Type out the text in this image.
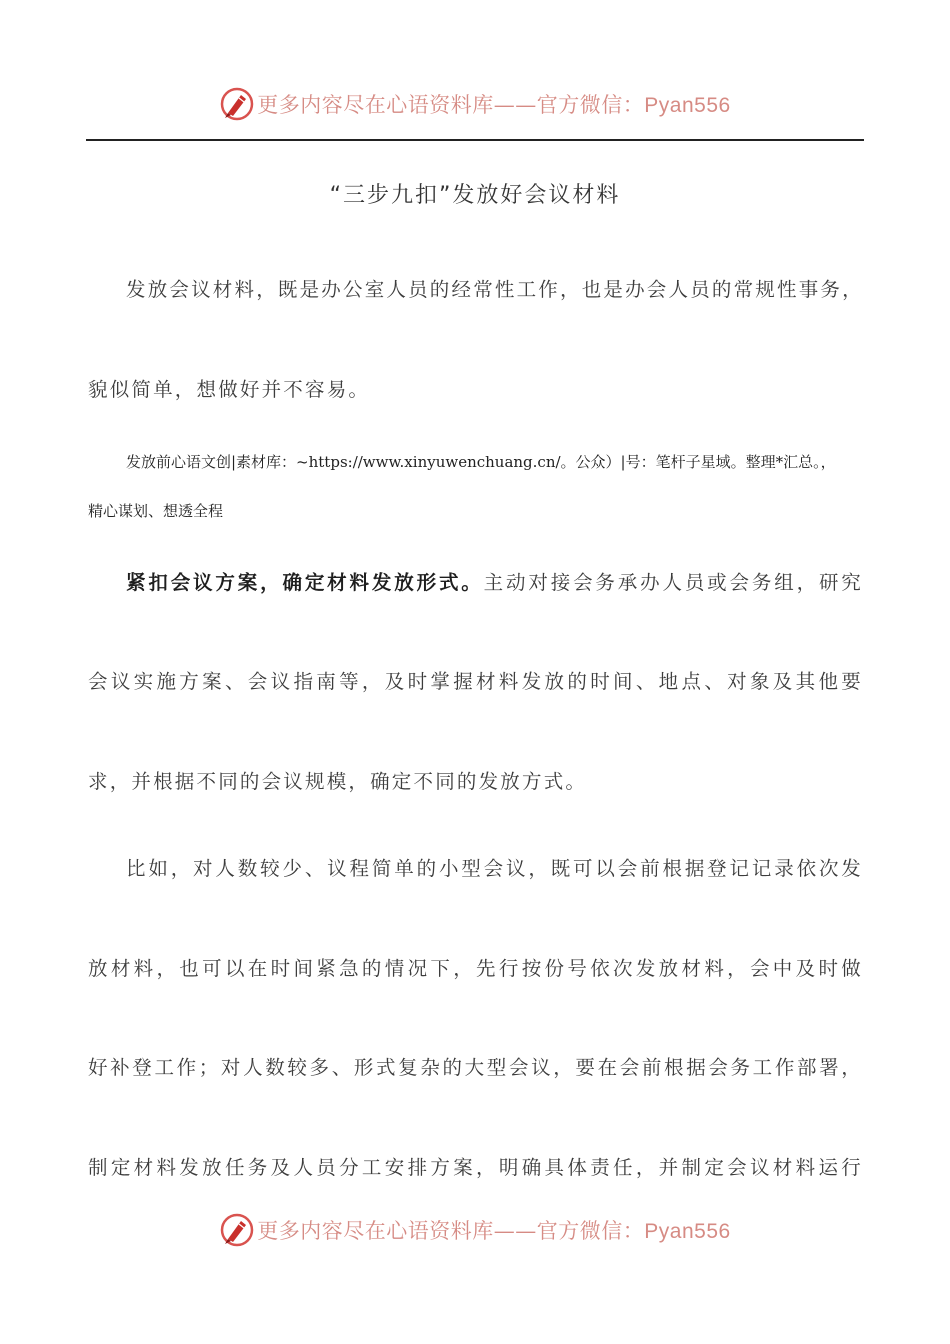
更多内容尽在心语资料库——官方微信：Pyan556
“三步九扣”发放好会议材料
发放会议材料，既是办公室人员的经常性工作，也是办会人员的常规性事务，
貌似简单，想做好并不容易。
发放前心语文创|素材库：~https://www.xinyuwenchuang.cn/。公众）|号：笔杆子星域。整理*汇总。，
精心谋划、想透全程
紧扣会议方案，确定材料发放形式。主动对接会务承办人员或会务组，研究
会议实施方案、会议指南等，及时掌握材料发放的时间、地点、对象及其他要
求，并根据不同的会议规模，确定不同的发放方式。
比如，对人数较少、议程简单的小型会议，既可以会前根据登记记录依次发
放材料，也可以在时间紧急的情况下，先行按份号依次发放材料，会中及时做
好补登工作；对人数较多、形式复杂的大型会议，要在会前根据会务工作部署，
制定材料发放任务及人员分工安排方案，明确具体责任，并制定会议材料运行
更多内容尽在心语资料库——官方微信：Pyan556
